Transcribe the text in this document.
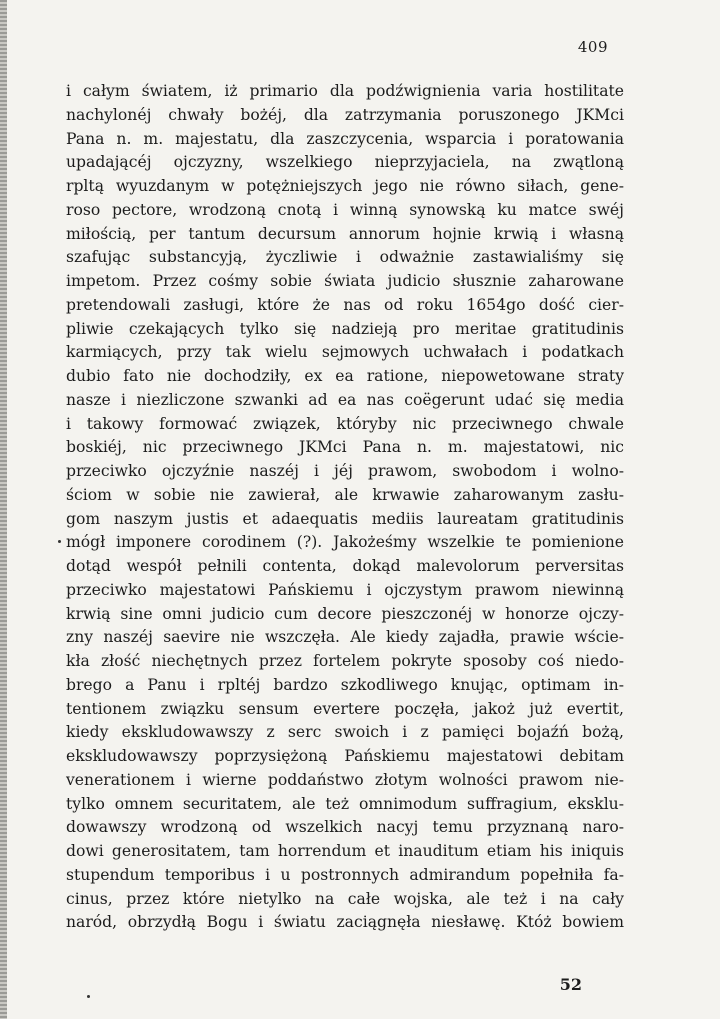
409
i całym światem, iż primario dla podźwignienia varia hostilitate
nachylonéj chwały bożéj, dla zatrzymania poruszonego JKMci
Pana n. m. majestatu, dla zaszczycenia, wsparcia i poratowania
upadającéj ojczyzny, wszelkiego nieprzyjaciela, na zwątloną
rpltą wyuzdanym w potężniejszych jego nie równo siłach, gene-
roso pectore, wrodzoną cnotą i winną synowską ku matce swéj
miłością, per tantum decursum annorum hojnie krwią i własną
szafując substancyją, życzliwie i odważnie zastawialiśmy się
impetom. Przez cośmy sobie świata judicio słusznie zaharowane
pretendowali zasługi, które że nas od roku 1654go dość cier-
pliwie czekających tylko się nadzieją pro meritae gratitudinis
karmiących, przy tak wielu sejmowych uchwałach i podatkach
dubio fato nie dochodziły, ex ea ratione, niepowetowane straty
nasze i niezliczone szwanki ad ea nas coëgerunt udać się media
i takowy formować związek, któryby nic przeciwnego chwale
boskiéj, nic przeciwnego JKMci Pana n. m. majestatowi, nic
przeciwko ojczyźnie naszéj i jéj prawom, swobodom i wolno-
ściom w sobie nie zawierał, ale krwawie zaharowanym zasłu-
gom naszym justis et adaequatis mediis laureatam gratitudinis
mógł imponere corodinem (?). Jakożeśmy wszelkie te pomienione
dotąd wespół pełnili contenta, dokąd malevolorum perversitas
przeciwko majestatowi Pańskiemu i ojczystym prawom niewinną
krwią sine omni judicio cum decore pieszczonéj w honorze ojczy-
zny naszéj saevire nie wszczęła. Ale kiedy zajadła, prawie wście-
kła złość niechętnych przez fortelem pokryte sposoby coś niedo-
brego a Panu i rpltéj bardzo szkodliwego knując, optimam in-
tentionem związku sensum evertere poczęła, jakoż już evertit,
kiedy ekskludowawszy z serc swoich i z pamięci bojaźń bożą,
ekskludowawszy poprzysiężoną Pańskiemu majestatowi debitam
venerationem i wierne poddaństwo złotym wolności prawom nie-
tylko omnem securitatem, ale też omnimodum suffragium, eksklu-
dowawszy wrodzoną od wszelkich nacyj temu przyznaną naro-
dowi generositatem, tam horrendum et inauditum etiam his iniquis
stupendum temporibus i u postronnych admirandum popełniła fa-
cinus, przez które nietylko na całe wojska, ale też i na cały
naród, obrzydłą Bogu i światu zaciągnęła niesławę. Któż bowiem
52
